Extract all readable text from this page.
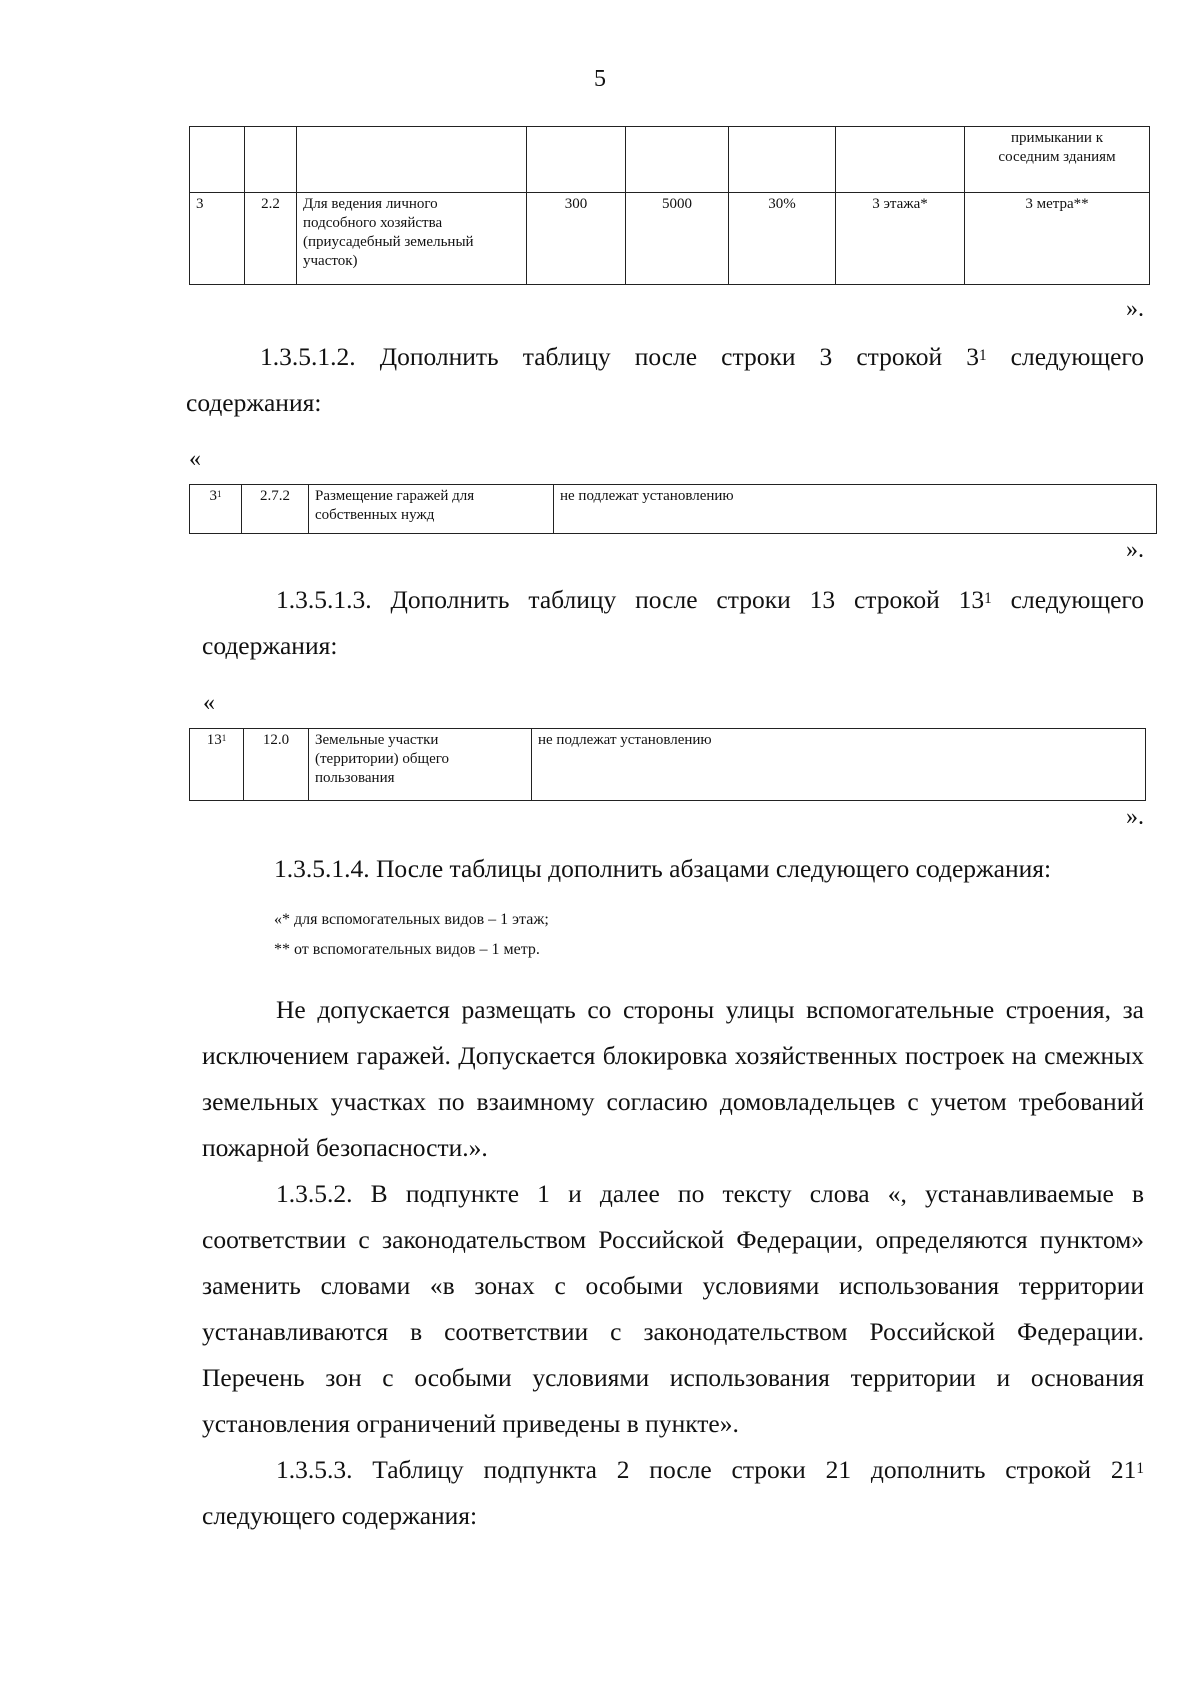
5
							примыкании к соседним зданиям
3	2.2	Для ведения личного подсобного хозяйства (приусадебный земельный участок)	300	5000	30%	3 этажа*	3 метра**
».
1.3.5.1.2. Дополнить таблицу после строки 3 строкой $3^1$ следующего содержания:
«
$3^1$	2.7.2	Размещение гаражей для собственных нужд	не подлежат установлению
».
1.3.5.1.3. Дополнить таблицу после строки 13 строкой $13^1$ следующего содержания:
«
$13^1$	12.0	Земельные участки (территории) общего пользования	не подлежат установлению
».
1.3.5.1.4. После таблицы дополнить абзацами следующего содержания:
«* для вспомогательных видов – 1 этаж;
** от вспомогательных видов – 1 метр.
Не допускается размещать со стороны улицы вспомогательные строения, за исключением гаражей. Допускается блокировка хозяйственных построек на смежных земельных участках по взаимному согласию домовладельцев с учетом требований пожарной безопасности.».
1.3.5.2. В подпункте 1 и далее по тексту слова «, устанавливаемые в соответствии с законодательством Российской Федерации, определяются пунктом» заменить словами «в зонах с особыми условиями использования территории устанавливаются в соответствии с законодательством Российской Федерации. Перечень зон с особыми условиями использования территории и основания установления ограничений приведены в пункте».
1.3.5.3. Таблицу подпункта 2 после строки 21 дополнить строкой $21^1$ следующего содержания:
